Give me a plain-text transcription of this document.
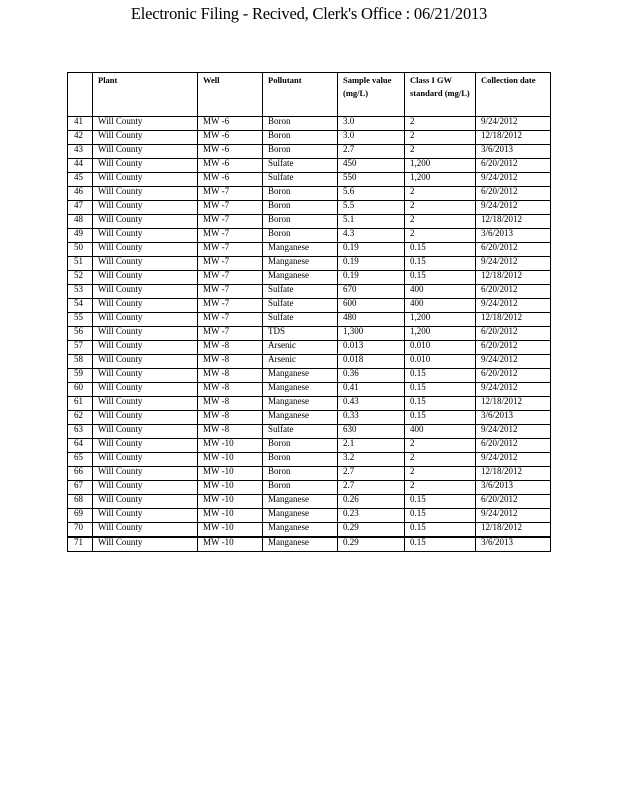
Electronic Filing - Recived, Clerk's Office : 06/21/2013
	Plant	Well	Pollutant	Sample value (mg/L)	Class I GW standard (mg/L)	Collection date
41	Will County	MW -6	Boron	3.0	2	9/24/2012
42	Will County	MW -6	Boron	3.0	2	12/18/2012
43	Will County	MW -6	Boron	2.7	2	3/6/2013
44	Will County	MW -6	Sulfate	450	1,200	6/20/2012
45	Will County	MW -6	Sulfate	550	1,200	9/24/2012
46	Will County	MW -7	Boron	5.6	2	6/20/2012
47	Will County	MW -7	Boron	5.5	2	9/24/2012
48	Will County	MW -7	Boron	5.1	2	12/18/2012
49	Will County	MW -7	Boron	4.3	2	3/6/2013
50	Will County	MW -7	Manganese	0.19	0.15	6/20/2012
51	Will County	MW -7	Manganese	0.19	0.15	9/24/2012
52	Will County	MW -7	Manganese	0.19	0.15	12/18/2012
53	Will County	MW -7	Sulfate	670	400	6/20/2012
54	Will County	MW -7	Sulfate	600	400	9/24/2012
55	Will County	MW -7	Sulfate	480	1,200	12/18/2012
56	Will County	MW -7	TDS	1,300	1,200	6/20/2012
57	Will County	MW -8	Arsenic	0.013	0.010	6/20/2012
58	Will County	MW -8	Arsenic	0.018	0.010	9/24/2012
59	Will County	MW -8	Manganese	0.36	0.15	6/20/2012
60	Will County	MW -8	Manganese	0.41	0.15	9/24/2012
61	Will County	MW -8	Manganese	0.43	0.15	12/18/2012
62	Will County	MW -8	Manganese	0.33	0.15	3/6/2013
63	Will County	MW -8	Sulfate	630	400	9/24/2012
64	Will County	MW -10	Boron	2.1	2	6/20/2012
65	Will County	MW -10	Boron	3.2	2	9/24/2012
66	Will County	MW -10	Boron	2.7	2	12/18/2012
67	Will County	MW -10	Boron	2.7	2	3/6/2013
68	Will County	MW -10	Manganese	0.26	0.15	6/20/2012
69	Will County	MW -10	Manganese	0.23	0.15	9/24/2012
70	Will County	MW -10	Manganese	0.29	0.15	12/18/2012
71	Will County	MW -10	Manganese	0.29	0.15	3/6/2013
